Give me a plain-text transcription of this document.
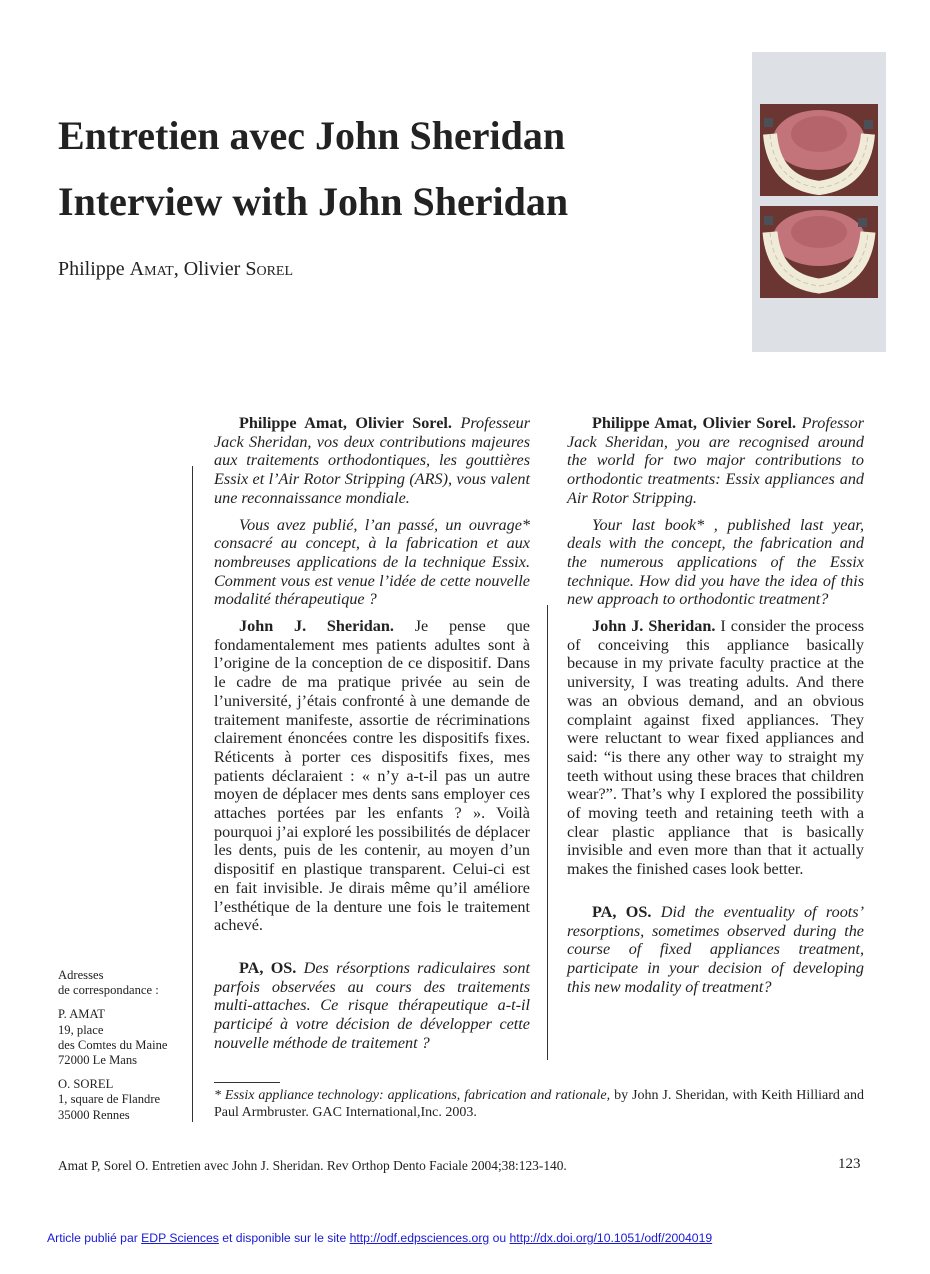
Entretien avec John Sheridan
Interview with John Sheridan
Philippe Amat, Olivier Sorel

Philippe Amat, Olivier Sorel. Professeur Jack Sheridan, vos deux contributions majeures aux traitements orthodontiques, les gouttières Essix et l’Air Rotor Stripping (ARS), vous valent une reconnaissance mondiale.

Vous avez publié, l’an passé, un ouvrage* consacré au concept, à la fabrication et aux nombreuses applications de la technique Essix. Comment vous est venue l’idée de cette nouvelle modalité thérapeutique ?

John J. Sheridan. Je pense que fondamentalement mes patients adultes sont à l’origine de la conception de ce dispositif. Dans le cadre de ma pratique privée au sein de l’université, j’étais confronté à une demande de traitement manifeste, assortie de récriminations clairement énoncées contre les dispositifs fixes. Réticents à porter ces dispositifs fixes, mes patients déclaraient : « n’y a-t-il pas un autre moyen de déplacer mes dents sans employer ces attaches portées par les enfants ? ». Voilà pourquoi j’ai exploré les possibilités de déplacer les dents, puis de les contenir, au moyen d’un dispositif en plastique transparent. Celui-ci est en fait invisible. Je dirais même qu’il améliore l’esthétique de la denture une fois le traitement achevé.

PA, OS. Des résorptions radiculaires sont parfois observées au cours des traitements multi-attaches. Ce risque thérapeutique a-t-il participé à votre décision de développer cette nouvelle méthode de traitement ?

Philippe Amat, Olivier Sorel. Professor Jack Sheridan, you are recognised around the world for two major contributions to orthodontic treatments: Essix appliances and Air Rotor Stripping.

Your last book* , published last year, deals with the concept, the fabrication and the numerous applications of the Essix technique. How did you have the idea of this new approach to orthodontic treatment?

John J. Sheridan. I consider the process of conceiving this appliance basically because in my private faculty practice at the university, I was treating adults. And there was an obvious demand, and an obvious complaint against fixed appliances. They were reluctant to wear fixed appliances and said: “is there any other way to straight my teeth without using these braces that children wear?”. That’s why I explored the possibility of moving teeth and retaining teeth with a clear plastic appliance that is basically invisible and even more than that it actually makes the finished cases look better.

PA, OS. Did the eventuality of roots’ resorptions, sometimes observed during the course of fixed appliances treatment, participate in your decision of developing this new modality of treatment?

Adresses
de correspondance :

P. AMAT
19, place
des Comtes du Maine
72000 Le Mans

O. SOREL
1, square de Flandre
35000 Rennes

* Essix appliance technology: applications, fabrication and rationale, by John J. Sheridan, with Keith Hilliard and Paul Armbruster. GAC International,Inc. 2003.
Amat P, Sorel O. Entretien avec John J. Sheridan. Rev Orthop Dento Faciale 2004;38:123-140.	123
Article publié par EDP Sciences et disponible sur le site http://odf.edpsciences.org ou http://dx.doi.org/10.1051/odf/2004019
